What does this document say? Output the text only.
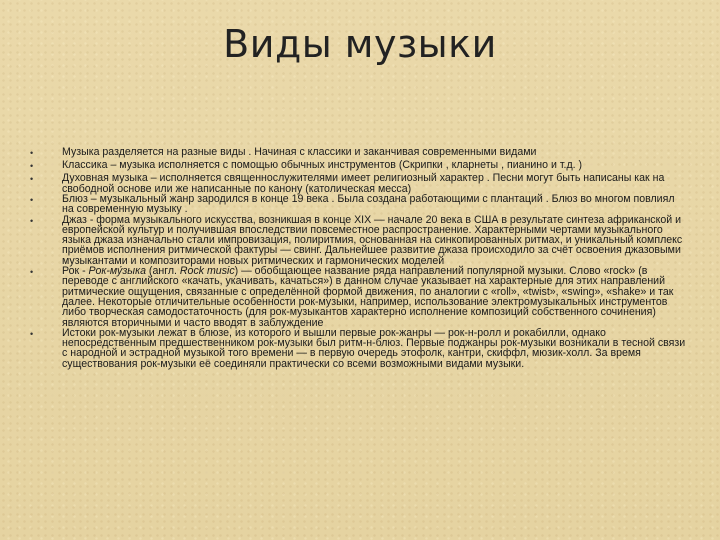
Виды музыки
•	Музыка разделяется на разные виды . Начиная с классики и заканчивая современными видами

•	Классика – музыка исполняется с помощью обычных инструментов (Скрипки , кларнеты , пианино и т.д. )

•	Духовная музыка – исполняется священнослужителями имеет религиозный характер . Песни могут быть написаны как на свободной основе или же написанные по канону (католическая месса)

•	Блюз – музыкальный жанр зародился в конце 19 века . Была создана работающими с плантаций . Блюз во многом повлиял на современную музыку .

•	Джаз - форма музыкального искусства, возникшая в конце XIX — начале 20 века в США в результате синтеза африканской и европейской культур и получившая впоследствии повсеместное распространение. Характерными чертами музыкального языка джаза изначально стали импровизация, полиритмия, основанная на синкопированных ритмах, и уникальный комплекс приёмов исполнения ритмической фактуры — свинг. Дальнейшее развитие джаза происходило за счёт освоения джазовыми музыкантами и композиторами новых ритмических и гармонических моделей

•	Рок - Рок-му́зыка (англ. Rock music) — обобщающее название ряда направлений популярной музыки. Слово «rock» (в переводе с английского «качать, укачивать, качаться») в данном случае указывает на характерные для этих направлений ритмические ощущения, связанные с определённой формой движения, по аналогии с «roll», «twist», «swing», «shake» и так далее. Некоторые отличительные особенности рок-музыки, например, использование электромузыкальных инструментов либо творческая самодостаточность (для рок-музыкантов характерно исполнение композиций собственного сочинения) являются вторичными и часто вводят в заблуждение

•	Истоки рок-музыки лежат в блюзе, из которого и вышли первые рок-жанры — рок-н-ролл и рокабилли, однако непосредственным предшественником рок-музыки был ритм-н-блюз. Первые поджанры рок-музыки возникали в тесной связи с народной и эстрадной музыкой того времени — в первую очередь этофолк, кантри, скиффл, мюзик-холл. За время существования рок-музыки её соединяли практически со всеми возможными видами музыки.
